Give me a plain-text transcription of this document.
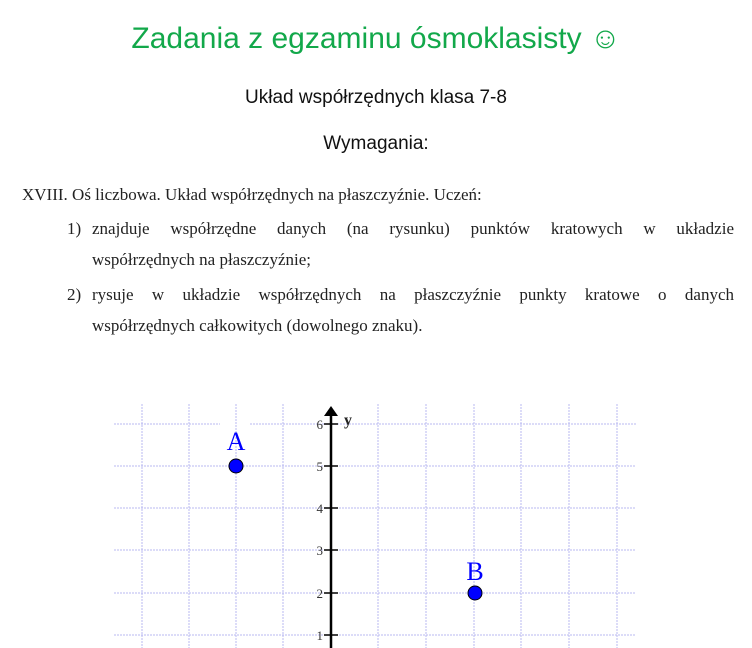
Zadania z egzaminu ósmoklasisty ☺
Układ współrzędnych klasa 7-8
Wymagania:
XVIII. Oś liczbowa. Układ współrzędnych na płaszczyźnie. Uczeń:
1) znajduje współrzędne danych (na rysunku) punktów kratowych w układzie
współrzędnych na płaszczyźnie;
2) rysuje w układzie współrzędnych na płaszczyźnie punkty kratowe o danych
współrzędnych całkowitych (dowolnego znaku).
6
5
4
3
2
1
y
A
B
